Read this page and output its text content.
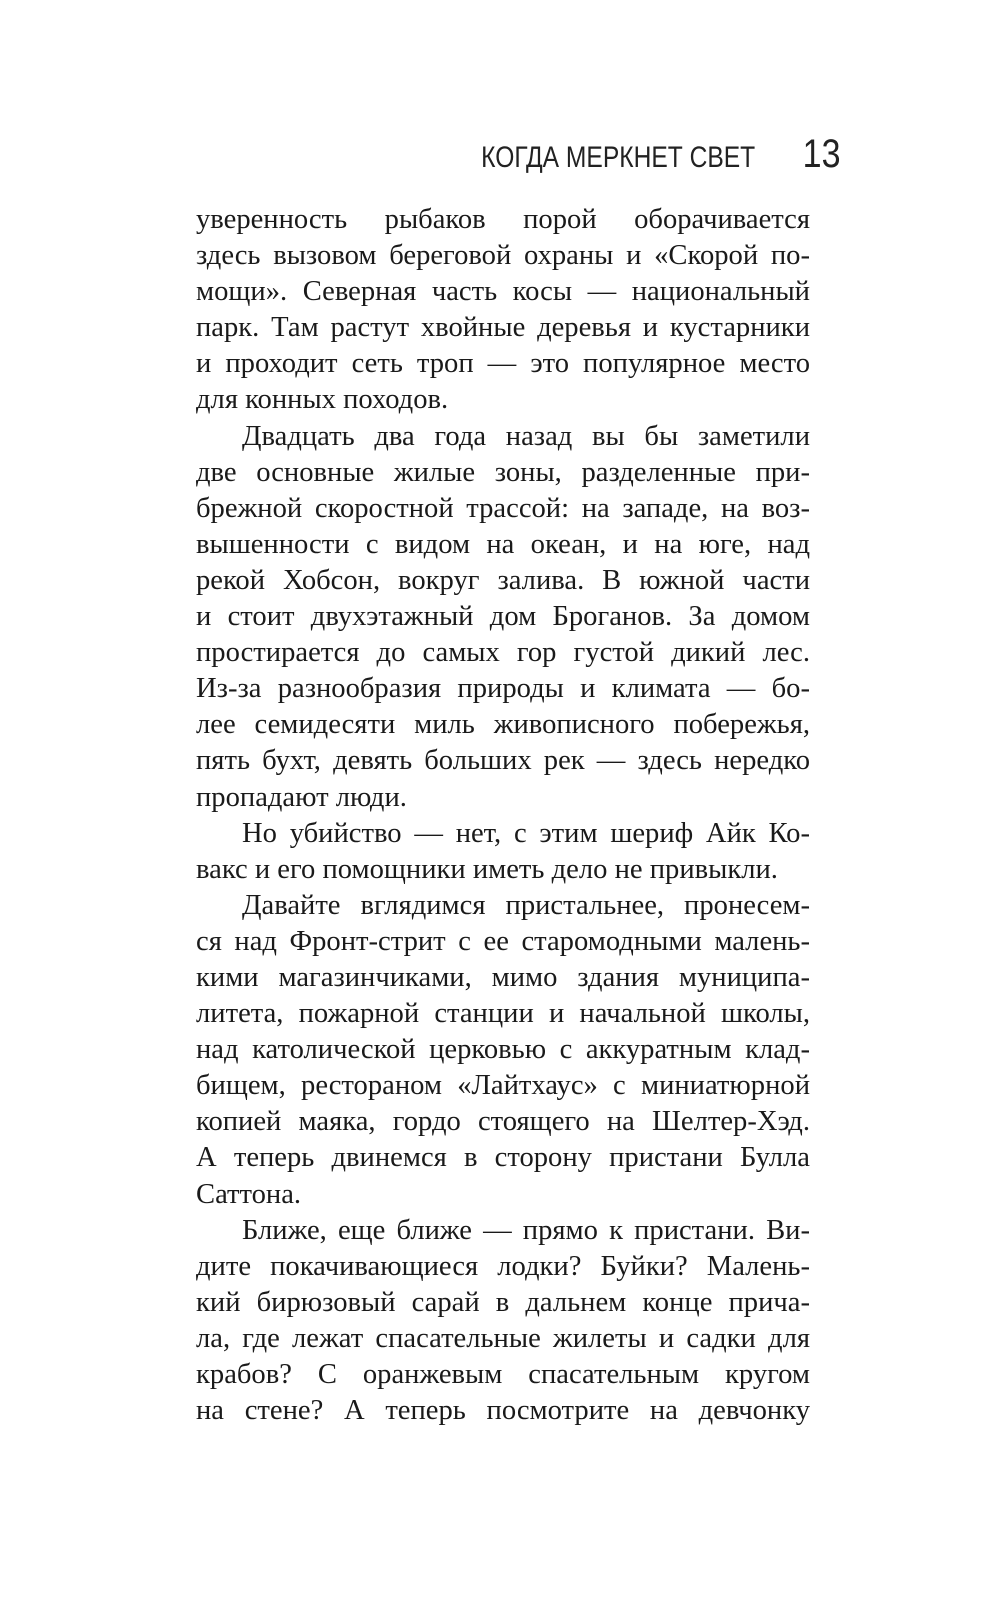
КОГДА МЕРКНЕТ СВЕТ 13
уверенность рыбаков порой оборачивается
здесь вызовом береговой охраны и «Скорой по-
мощи». Северная часть косы — национальный
парк. Там растут хвойные деревья и кустарники
и проходит сеть троп — это популярное место
для конных походов.
Двадцать два года назад вы бы заметили
две основные жилые зоны, разделенные при-
брежной скоростной трассой: на западе, на воз-
вышенности с видом на океан, и на юге, над
рекой Хобсон, вокруг залива. В южной части
и стоит двухэтажный дом Броганов. За домом
простирается до самых гор густой дикий лес.
Из-за разнообразия природы и климата — бо-
лее семидесяти миль живописного побережья,
пять бухт, девять больших рек — здесь нередко
пропадают люди.
Но убийство — нет, с этим шериф Айк Ко-
вакс и его помощники иметь дело не привыкли.
Давайте вглядимся пристальнее, пронесем-
ся над Фронт-стрит с ее старомодными малень-
кими магазинчиками, мимо здания муниципа-
литета, пожарной станции и начальной школы,
над католической церковью с аккуратным клад-
бищем, рестораном «Лайтхаус» с миниатюрной
копией маяка, гордо стоящего на Шелтер-Хэд.
А теперь двинемся в сторону пристани Булла
Саттона.
Ближе, еще ближе — прямо к пристани. Ви-
дите покачивающиеся лодки? Буйки? Малень-
кий бирюзовый сарай в дальнем конце прича-
ла, где лежат спасательные жилеты и садки для
крабов? С оранжевым спасательным кругом
на стене? А теперь посмотрите на девчонку
